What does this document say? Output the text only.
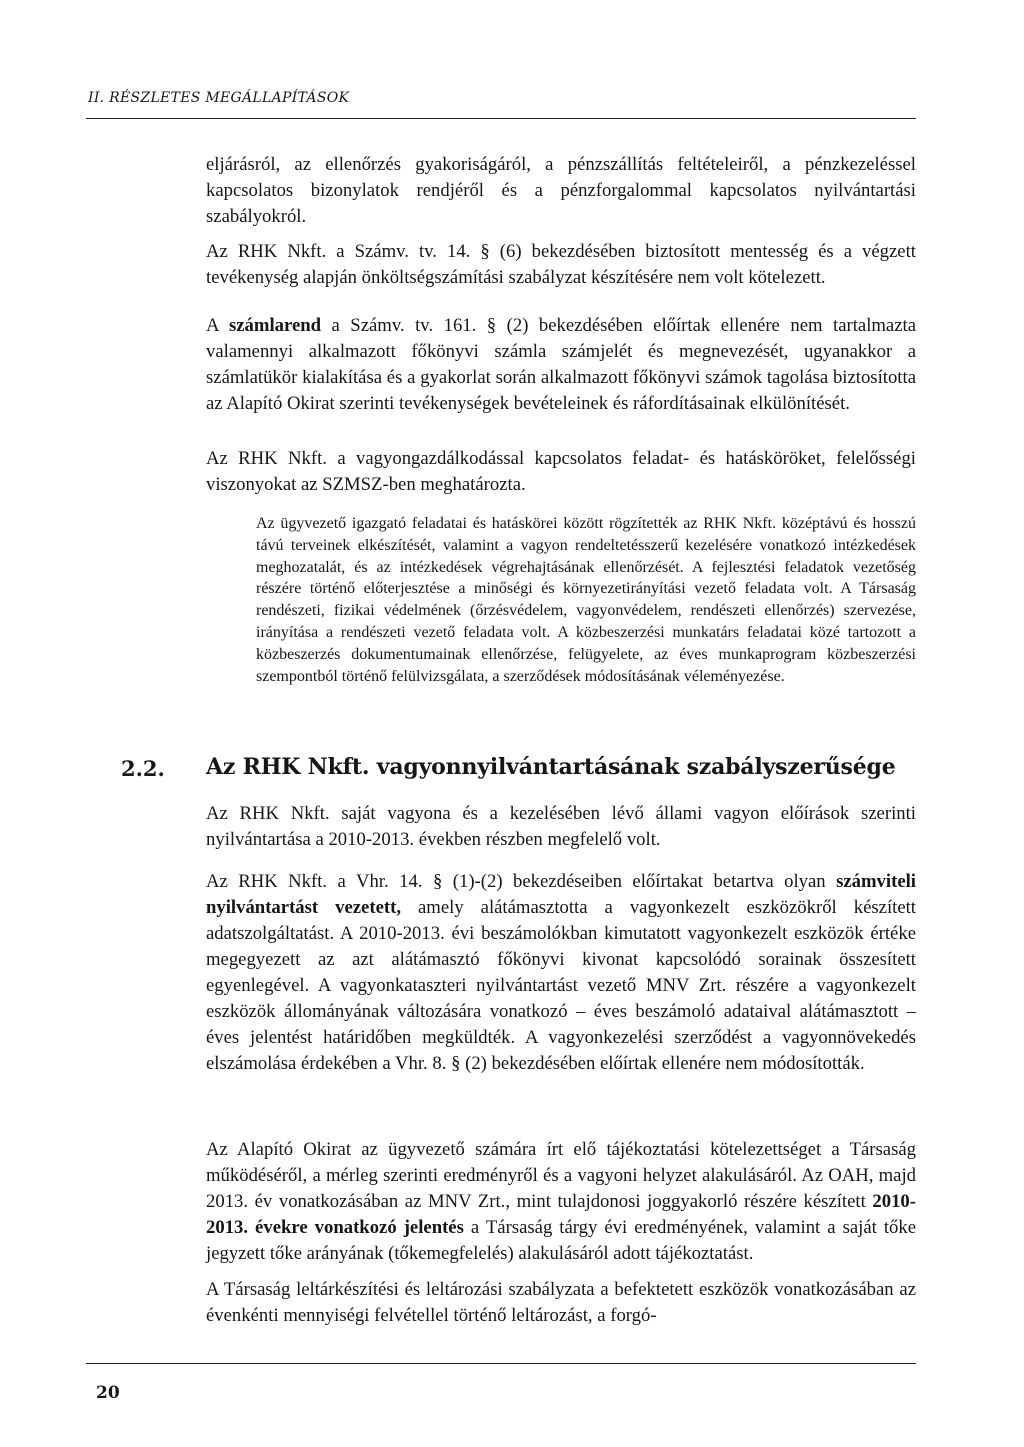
II. RÉSZLETES MEGÁLLAPÍTÁSOK

eljárásról, az ellenőrzés gyakoriságáról, a pénzszállítás feltételeiről, a pénzkezeléssel kapcsolatos bizonylatok rendjéről és a pénzforgalommal kapcsolatos nyilvántartási szabályokról.

Az RHK Nkft. a Számv. tv. 14. § (6) bekezdésében biztosított mentesség és a végzett tevékenység alapján önköltségszámítási szabályzat készítésére nem volt kötelezett.

A számlarend a Számv. tv. 161. § (2) bekezdésében előírtak ellenére nem tartalmazta valamennyi alkalmazott főkönyvi számla számjelét és megnevezését, ugyanakkor a számlatükör kialakítása és a gyakorlat során alkalmazott főkönyvi számok tagolása biztosította az Alapító Okirat szerinti tevékenységek bevételeinek és ráfordításainak elkülönítését.

Az RHK Nkft. a vagyongazdálkodással kapcsolatos feladat- és hatásköröket, felelősségi viszonyokat az SZMSZ-ben meghatározta.

Az ügyvezető igazgató feladatai és hatáskörei között rögzítették az RHK Nkft. középtávú és hosszú távú terveinek elkészítését, valamint a vagyon rendeltetésszerű kezelésére vonatkozó intézkedések meghozatalát, és az intézkedések végrehajtásának ellenőrzését. A fejlesztési feladatok vezetőség részére történő előterjesztése a minőségi és környezetirányítási vezető feladata volt. A Társaság rendészeti, fizikai védelmének (őrzésvédelem, vagyonvédelem, rendészeti ellenőrzés) szervezése, irányítása a rendészeti vezető feladata volt. A közbeszerzési munkatárs feladatai közé tartozott a közbeszerzés dokumentumainak ellenőrzése, felügyelete, az éves munkaprogram közbeszerzési szempontból történő felülvizsgálata, a szerződések módosításának véleményezése.

2.2. Az RHK Nkft. vagyonnyilvántartásának szabályszerűsége

Az RHK Nkft. saját vagyona és a kezelésében lévő állami vagyon előírások szerinti nyilvántartása a 2010-2013. években részben megfelelő volt.

Az RHK Nkft. a Vhr. 14. § (1)-(2) bekezdéseiben előírtakat betartva olyan számviteli nyilvántartást vezetett, amely alátámasztotta a vagyonkezelt eszközökről készített adatszolgáltatást. A 2010-2013. évi beszámolókban kimutatott vagyonkezelt eszközök értéke megegyezett az azt alátámasztó főkönyvi kivonat kapcsolódó sorainak összesített egyenlegével. A vagyonkataszteri nyilvántartást vezető MNV Zrt. részére a vagyonkezelt eszközök állományának változására vonatkozó – éves beszámoló adataival alátámasztott – éves jelentést határidőben megküldték. A vagyonkezelési szerződést a vagyonnövekedés elszámolása érdekében a Vhr. 8. § (2) bekezdésében előírtak ellenére nem módosították.

Az Alapító Okirat az ügyvezető számára írt elő tájékoztatási kötelezettséget a Társaság működéséről, a mérleg szerinti eredményről és a vagyoni helyzet alakulásáról. Az OAH, majd 2013. év vonatkozásában az MNV Zrt., mint tulajdonosi joggyakorló részére készített 2010-2013. évekre vonatkozó jelentés a Társaság tárgy évi eredményének, valamint a saját tőke jegyzett tőke arányának (tőkemegfelelés) alakulásáról adott tájékoztatást.

A Társaság leltárkészítési és leltározási szabályzata a befektetett eszközök vonatkozásában az évenkénti mennyiségi felvétellel történő leltározást, a forgó-

20
